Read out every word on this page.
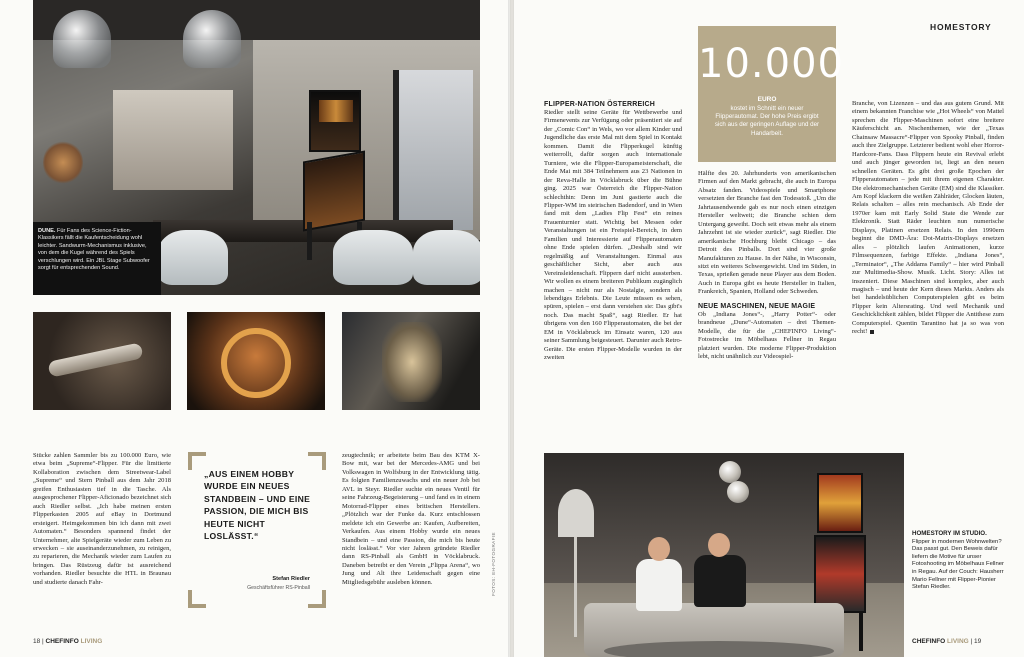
DUNE. Für Fans des Science-Fiction-Klassikers fällt die Kaufentscheidung wohl leichter. Sandwurm-Mechanismus inklusive, von dem die Kugel während des Spiels verschlungen wird. Ein JBL Stage Subwoofer sorgt für entsprechenden Sound.

Stücke zahlen Sammler bis zu 100.000 Euro, wie etwa beim „Supreme“-Flipper. Für die limitierte Kollaboration zwischen dem Streetwear-Label „Supreme“ und Stern Pinball aus dem Jahr 2018 greifen Enthusiasten tief in die Tasche. Als ausgesprochener Flipper-Aficionado bezeichnet sich auch Riedler selbst. „Ich habe meinen ersten Flipperkasten 2005 auf eBay in Dortmund ersteigert. Heimgekommen bin ich dann mit zwei Automaten.“ Besonders spannend findet der Unternehmer, alte Spielgeräte wieder zum Leben zu erwecken – sie auseinanderzunehmen, zu reinigen, zu reparieren, die Mechanik wieder zum Laufen zu bringen. Das Rüstzeug dafür ist ausreichend vorhanden. Riedler besuchte die HTL in Braunau und studierte danach Fahr-

„AUS EINEM HOBBY WURDE EIN NEUES STANDBEIN – UND EINE PASSION, DIE MICH BIS HEUTE NICHT LOSLÄSST.“
Stefan Riedler
Geschäftsführer RS-Pinball

zeugtechnik; er arbeitete beim Bau des KTM X-Bow mit, war bei der Mercedes-AMG und bei Volkswagen in Wolfsburg in der Entwicklung tätig. Es folgten Familienzuwachs und ein neuer Job bei AVL in Steyr. Riedler suchte ein neues Ventil für seine Fahrzeug-Begeisterung – und fand es in einem Motorrad-Flipper eines britischen Herstellers. „Plötzlich war der Funke da. Kurz entschlossen meldete ich ein Gewerbe an: Kaufen, Aufbereiten, Verkaufen. Aus einem Hobby wurde ein neues Standbein – und eine Passion, die mich bis heute nicht loslässt.“ Vor vier Jahren gründete Riedler dann RS-Pinball als GmbH in Vöcklabruck. Daneben betreibt er den Verein „Flippa Arena“, wo Jung und Alt ihre Leidenschaft gegen eine Mitgliedsgebühr ausleben können.	FOTOS: EH-FOTOGRAFIE
18 | CHEFINFO LIVING
HOMESTORY
10.000
EURO
kostet im Schnitt ein neuer Flipperautomat. Der hohe Preis ergibt sich aus der geringen Auflage und der Handarbeit.
FLIPPER-NATION ÖSTERREICH

Riedler stellt seine Geräte für Wettbewerbe und Firmenevents zur Verfügung oder präsentiert sie auf der „Comic Con“ in Wels, wo vor allem Kinder und Jugendliche das erste Mal mit dem Spiel in Kontakt kommen. Damit die Flipperkugel künftig weiterrollt, dafür sorgen auch internationale Turniere, wie die Flipper-Europameisterschaft, die Ende Mai mit 384 Teilnehmern aus 23 Nationen in der Reva-Halle in Vöcklabruck über die Bühne ging. 2025 war Österreich die Flipper-Nation schlechthin: Denn im Juni gastierte auch die Flipper-WM im steirischen Badendorf, und in Wien fand mit dem „Ladies Flip Fest“ ein reines Frauenturnier statt. Wichtig bei Messen oder Veranstaltungen ist ein Freispiel-Bereich, in dem Familien und Interessierte auf Flipperautomaten ohne Ende spielen dürfen. „Deshalb sind wir regelmäßig auf Veranstaltungen. Einmal aus geschäftlicher Sicht, aber auch aus Vereinsleidenschaft. Flippern darf nicht aussterben. Wir wollen es einem breiteren Publikum zugänglich machen – nicht nur als Nostalgie, sondern als lebendiges Erlebnis. Die Leute müssen es sehen, spüren, spielen – erst dann verstehen sie: Das gibt's noch. Das macht Spaß“, sagt Riedler. Er hat übrigens von den 160 Flipperautomaten, die bei der EM in Vöcklabruck im Einsatz waren, 120 aus seiner Sammlung beigesteuert. Darunter auch Retro-Geräte. Die ersten Flipper-Modelle wurden in der zweiten

Hälfte des 20. Jahrhunderts von amerikanischen Firmen auf den Markt gebracht, die auch in Europa Absatz fanden. Videospiele und Smartphone versetzten der Branche fast den Todesstoß. „Um die Jahrtausendwende gab es nur noch einen einzigen Hersteller weltweit; die Branche schien dem Untergang geweiht. Doch seit etwas mehr als einem Jahrzehnt ist sie wieder zurück“, sagt Riedler. Die amerikanische Hochburg bleibt Chicago – das Detroit des Pinballs. Dort sind vier große Manufakturen zu Hause. In der Nähe, in Wisconsin, sitzt ein weiteres Schwergewicht. Und im Süden, in Texas, sprießen gerade neue Player aus dem Boden. Auch in Europa gibt es heute Hersteller in Italien, Frankreich, Spanien, Holland oder Schweden.

NEUE MASCHINEN, NEUE MAGIE

Ob „Indiana Jones“-, „Harry Potter“- oder brandneue „Dune“-Automaten – drei Themen-Modelle, die für die „CHEFINFO Living“-Fotostrecke im Möbelhaus Fellner in Regau platziert wurden. Die moderne Flipper-Produktion lebt, nicht unähnlich zur Videospiel-

Branche, von Lizenzen – und das aus gutem Grund. Mit einem bekannten Franchise wie „Hot Wheels“ von Mattel sprechen die Flipper-Maschinen sofort eine breitere Käuferschicht an. Nischenthemen, wie der „Texas Chainsaw Massacre“-Flipper von Spooky Pinball, finden auch ihre Zielgruppe. Letzterer bedient wohl eher Horror-Hardcore-Fans. Dass Flippern heute ein Revival erlebt und auch jünger geworden ist, liegt an den neuen schnellen Geräten. Es gibt drei große Epochen der Flipperautomaten – jede mit ihrem eigenen Charakter. Die elektromechanischen Geräte (EM) sind die Klassiker. Am Kopf klackern die weißen Zählräder, Glocken läuten, Relais schalten – alles rein mechanisch. Ab Ende der 1970er kam mit Early Solid State die Wende zur Elektronik. Statt Räder leuchten nun numerische Displays, Platinen ersetzen Relais. In den 1990ern beginnt die DMD-Ära: Dot-Matrix-Displays ersetzen alles – plötzlich laufen Animationen, kurze Filmsequenzen, farbige Effekte. „Indiana Jones“, „Terminator“, „The Addams Family“ – hier wird Pinball zur Multimedia-Show. Musik. Licht. Story: Alles ist inszeniert. Diese Maschinen sind komplex, aber auch magisch – und heute der Kern dieses Markts. Anders als bei handelsüblichen Computerspielen gibt es beim Flipper kein Altersrating. Und weil Mechanik und Geschicklichkeit zählen, bildet Flipper die Antithese zum Computerspiel. Quentin Tarantino hat ja so was von recht!

HOMESTORY IM STUDIO.
Flipper in modernen Wohnwelten? Das passt gut. Den Beweis dafür liefern die Motive für unser Fotoshooting im Möbelhaus Fellner in Regau. Auf der Couch: Hausherr Mario Fellner mit Flipper-Pionier Stefan Riedler.
CHEFINFO LIVING | 19
